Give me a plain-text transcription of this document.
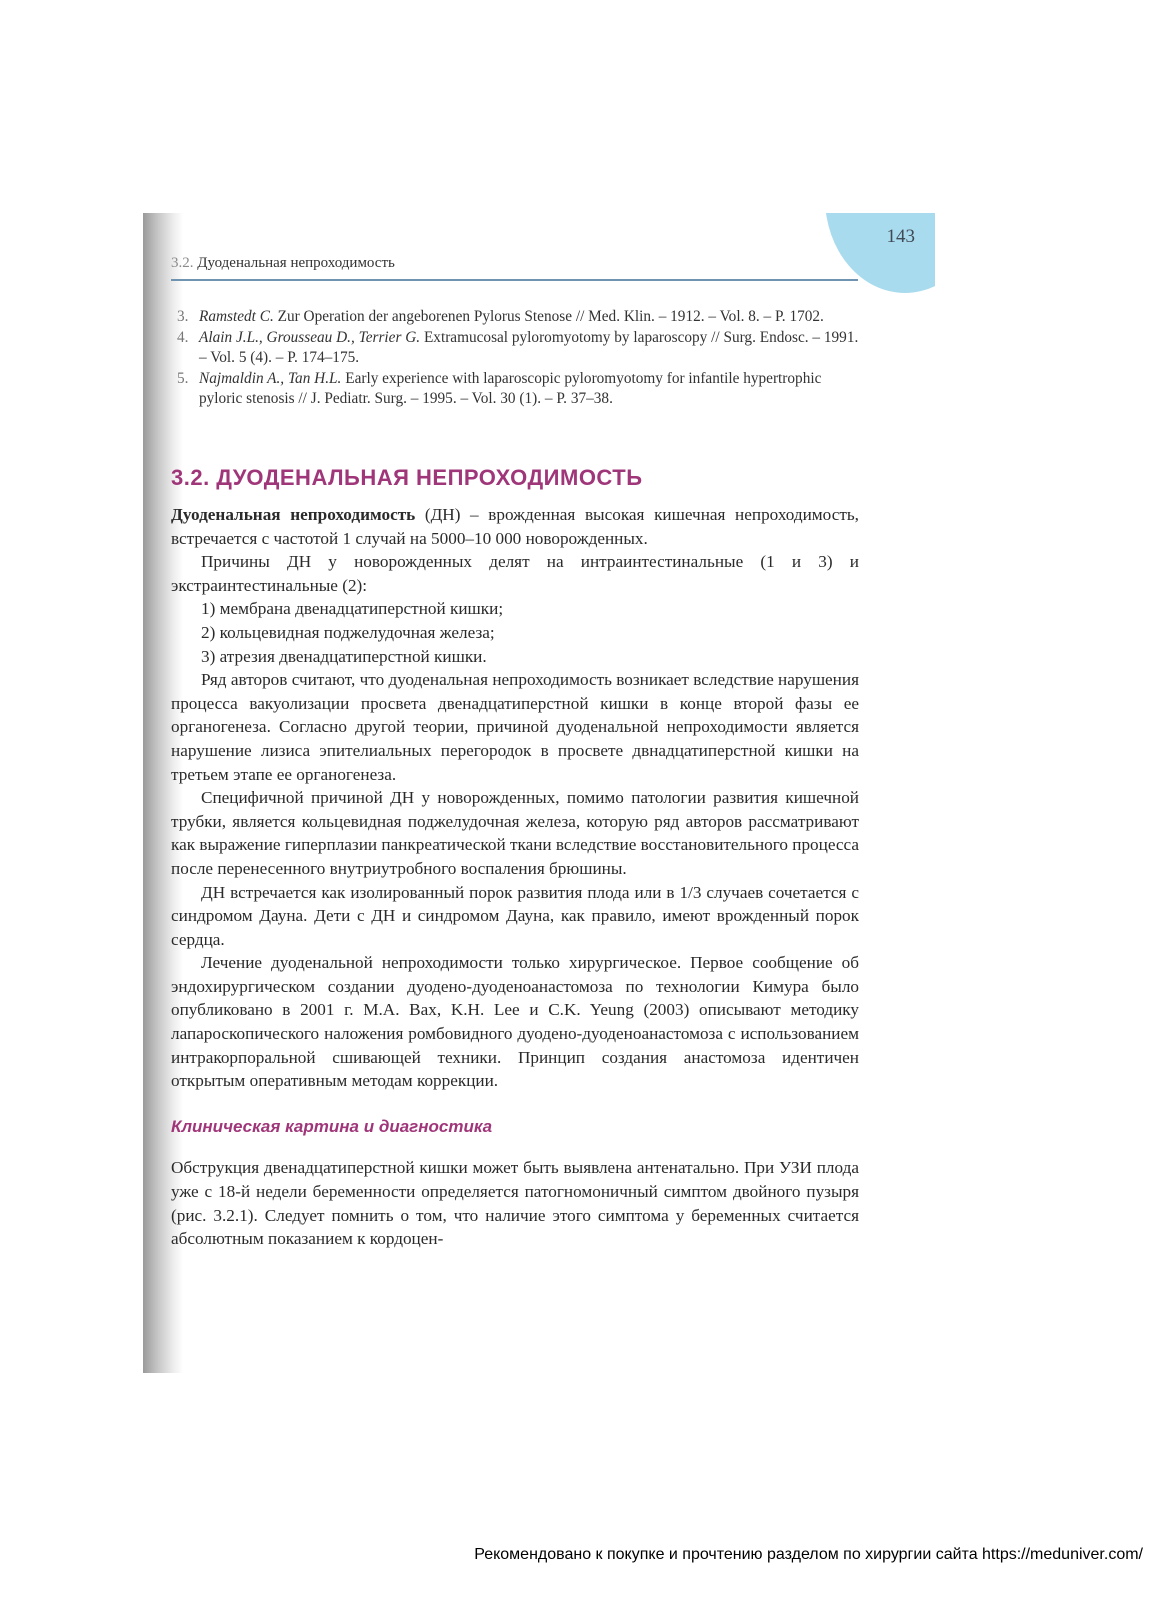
143
3.2. Дуоденальная непроходимость

3. Ramstedt C. Zur Operation der angeborenen Pylorus Stenose // Med. Klin. – 1912. – Vol. 8. – P. 1702.

4. Alain J.L., Grousseau D., Terrier G. Extramucosal pyloromyotomy by laparoscopy // Surg. Endosc. – 1991. – Vol. 5 (4). – P. 174–175.

5. Najmaldin A., Tan H.L. Early experience with laparoscopic pyloromyotomy for infantile hypertrophic pyloric stenosis // J. Pediatr. Surg. – 1995. – Vol. 30 (1). – P. 37–38.

3.2. ДУОДЕНАЛЬНАЯ НЕПРОХОДИМОСТЬ

Дуоденальная непроходимость (ДН) – врожденная высокая кишечная непроходимость, встречается с частотой 1 случай на 5000–10 000 новорожденных.

Причины ДН у новорожденных делят на интраинтестинальные (1 и 3) и экстраинтестинальные (2):

1) мембрана двенадцатиперстной кишки;

2) кольцевидная поджелудочная железа;

3) атрезия двенадцатиперстной кишки.

Ряд авторов считают, что дуоденальная непроходимость возникает вследствие нарушения процесса вакуолизации просвета двенадцатиперстной кишки в конце второй фазы ее органогенеза. Согласно другой теории, причиной дуоденальной непроходимости является нарушение лизиса эпителиальных перегородок в просвете двнадцатиперстной кишки на третьем этапе ее органогенеза.

Специфичной причиной ДН у новорожденных, помимо патологии развития кишечной трубки, является кольцевидная поджелудочная железа, которую ряд авторов рассматривают как выражение гиперплазии панкреатической ткани вследствие восстановительного процесса после перенесенного внутриутробного воспаления брюшины.

ДН встречается как изолированный порок развития плода или в 1/3 случаев сочетается с синдромом Дауна. Дети с ДН и синдромом Дауна, как правило, имеют врожденный порок сердца.

Лечение дуоденальной непроходимости только хирургическое. Первое сообщение об эндохирургическом создании дуодено-дуоденоанастомоза по технологии Кимура было опубликовано в 2001 г. M.A. Bax, K.H. Lee и C.K. Yeung (2003) описывают методику лапароскопического наложения ромбовидного дуодено-дуоденоанастомоза с использованием интракорпоральной сшивающей техники. Принцип создания анастомоза идентичен открытым оперативным методам коррекции.

Клиническая картина и диагностика

Обструкция двенадцатиперстной кишки может быть выявлена антенатально. При УЗИ плода уже с 18-й недели беременности определяется патогномоничный симптом двойного пузыря (рис. 3.2.1). Следует помнить о том, что наличие этого симптома у беременных считается абсолютным показанием к кордоцен-

Рекомендовано к покупке и прочтению разделом по хирургии сайта https://meduniver.com/
